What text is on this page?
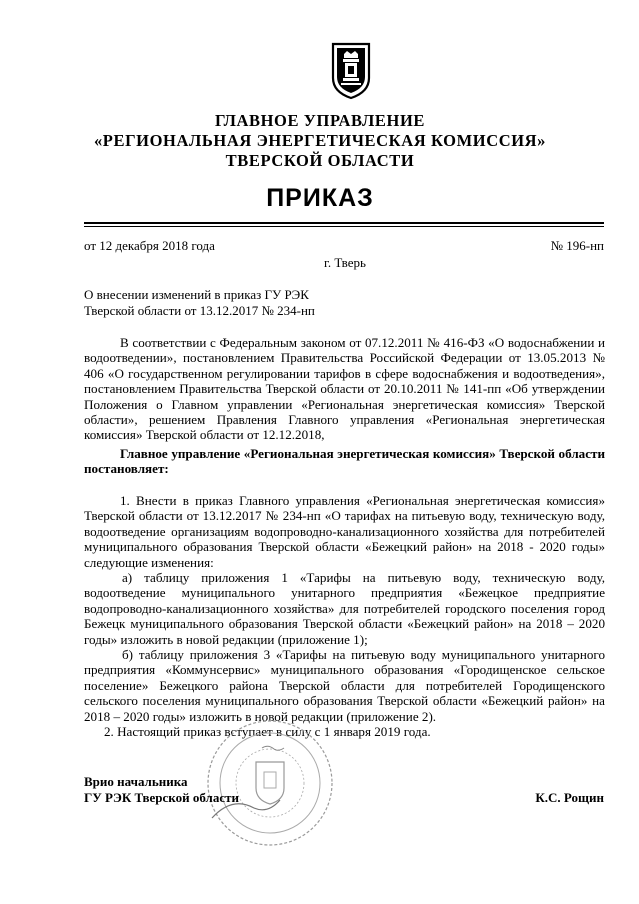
ГЛАВНОЕ УПРАВЛЕНИЕ
«РЕГИОНАЛЬНАЯ ЭНЕРГЕТИЧЕСКАЯ КОМИССИЯ»
ТВЕРСКОЙ ОБЛАСТИ
ПРИКАЗ
от 12 декабря 2018 года	№ 196-нп
г. Тверь
О внесении изменений в приказ ГУ РЭК
Тверской области от 13.12.2017 № 234-нп

В соответствии с Федеральным законом от 07.12.2011 № 416-ФЗ «О водоснабжении и водоотведении», постановлением Правительства Российской Федерации от 13.05.2013 № 406 «О государственном регулировании тарифов в сфере водоснабжения и водоотведения», постановлением Правительства Тверской области от 20.10.2011 № 141-пп «Об утверждении Положения о Главном управлении «Региональная энергетическая комиссия» Тверской области», решением Правления Главного управления «Региональная энергетическая комиссия» Тверской области от 12.12.2018,

Главное управление «Региональная энергетическая комиссия» Тверской области постановляет:

1. Внести в приказ Главного управления «Региональная энергетическая комиссия» Тверской области от 13.12.2017 № 234-нп «О тарифах на питьевую воду, техническую воду, водоотведение организациям водопроводно-канализационного хозяйства для потребителей муниципального образования Тверской области «Бежецкий район» на 2018 - 2020 годы» следующие изменения:

а) таблицу приложения 1 «Тарифы на питьевую воду, техническую воду, водоотведение муниципального унитарного предприятия «Бежецкое предприятие водопроводно-канализационного хозяйства» для потребителей городского поселения город Бежецк муниципального образования Тверской области «Бежецкий район» на 2018 – 2020 годы» изложить в новой редакции (приложение 1);

б) таблицу приложения 3 «Тарифы на питьевую воду муниципального унитарного предприятия «Коммунсервис» муниципального образования «Городищенское сельское поселение» Бежецкого района Тверской области для потребителей Городищенского сельского поселения муниципального образования Тверской области «Бежецкий район» на 2018 – 2020 годы» изложить в новой редакции (приложение 2).

2. Настоящий приказ вступает в силу с 1 января 2019 года.

Врио начальника
ГУ РЭК Тверской области	К.С. Рощин
